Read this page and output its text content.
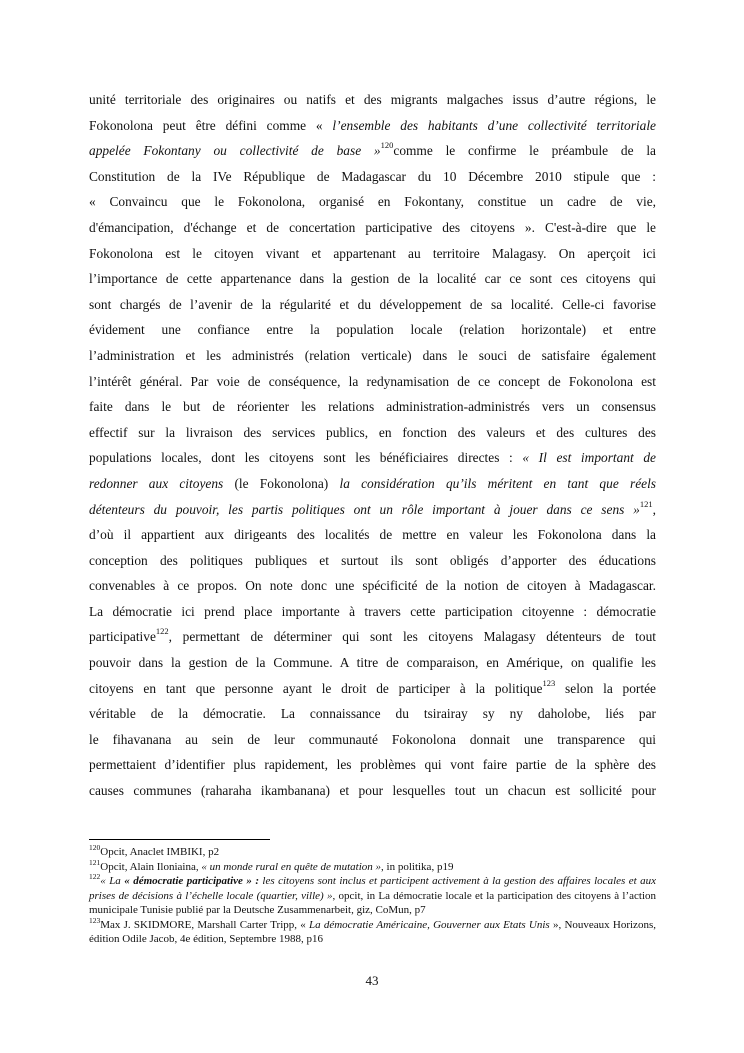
unité territoriale des originaires ou natifs et des migrants malgaches issus d’autre régions, le
Fokonolona peut être défini comme « l’ensemble des habitants d’une collectivité territoriale
appelée Fokontany ou collectivité de base »$^{120}$comme le confirme le préambule de la
Constitution de la IVe République de Madagascar du 10 Décembre 2010 stipule que :
« Convaincu que le Fokonolona, organisé en Fokontany, constitue un cadre de vie,
d'émancipation, d'échange et de concertation participative des citoyens ». C'est-à-dire que le
Fokonolona est le citoyen vivant et appartenant au territoire Malagasy. On aperçoit ici
l’importance de cette appartenance dans la gestion de la localité car ce sont ces citoyens qui
sont chargés de l’avenir de la régularité et du développement de sa localité. Celle-ci favorise
évidement une confiance entre la population locale (relation horizontale) et entre
l’administration et les administrés (relation verticale) dans le souci de satisfaire également
l’intérêt général. Par voie de conséquence, la redynamisation de ce concept de Fokonolona est
faite dans le but de réorienter les relations administration-administrés vers un consensus
effectif sur la livraison des services publics, en fonction des valeurs et des cultures des
populations locales, dont les citoyens sont les bénéficiaires directes : « Il est important de
redonner aux citoyens (le Fokonolona) la considération qu’ils méritent en tant que réels
détenteurs du pouvoir, les partis politiques ont un rôle important à jouer dans ce sens »$^{121}$,
d’où il appartient aux dirigeants des localités de mettre en valeur les Fokonolona dans la
conception des politiques publiques et surtout ils sont obligés d’apporter des éducations
convenables à ce propos. On note donc une spécificité de la notion de citoyen à Madagascar.
La démocratie ici prend place importante à travers cette participation citoyenne : démocratie
participative$^{122}$, permettant de déterminer qui sont les citoyens Malagasy détenteurs de tout
pouvoir dans la gestion de la Commune. A titre de comparaison, en Amérique, on qualifie les
citoyens en tant que personne ayant le droit de participer à la politique$^{123}$ selon la portée
véritable de la démocratie. La connaissance du tsirairay sy ny daholobe, liés par
le fihavanana au sein de leur communauté Fokonolona donnait une transparence qui
permettaient d’identifier plus rapidement, les problèmes qui vont faire partie de la sphère des
causes communes (raharaha ikambanana) et pour lesquelles tout un chacun est sollicité pour
$^{120}$Opcit, Anaclet IMBIKI, p2
$^{121}$Opcit, Alain Iloniaina, « un monde rural en quête de mutation », in politika, p19
$^{122}$« La « démocratie participative » : les citoyens sont inclus et participent activement à la gestion des affaires locales et aux prises de décisions à l’échelle locale (quartier, ville) », opcit, in La démocratie locale et la participation des citoyens à l’action municipale Tunisie publié par la Deutsche Zusammenarbeit, giz, CoMun, p7
$^{123}$Max J. SKIDMORE, Marshall Carter Tripp, « La démocratie Américaine, Gouverner aux Etats Unis », Nouveaux Horizons, édition Odile Jacob, 4e édition, Septembre 1988, p16
43
